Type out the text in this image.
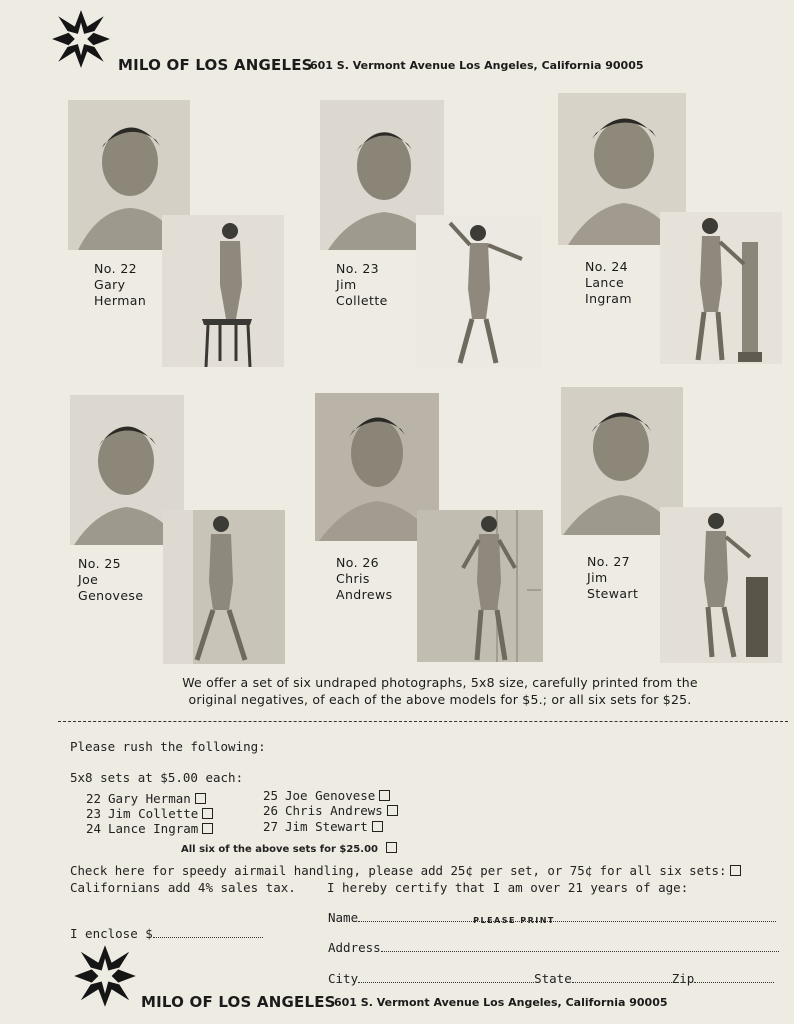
MILO OF LOS ANGELES
601 S. Vermont Avenue Los Angeles, California 90005
No. 22
Gary
Herman
No. 23
Jim
Collette
No. 24
Lance
Ingram
No. 25
Joe
Genovese
No. 26
Chris
Andrews
No. 27
Jim
Stewart
We offer a set of six undraped photographs, 5x8 size, carefully printed from the
original negatives, of each of the above models for $5.; or all six sets for $25.
Please rush the following:
5x8 sets at $5.00 each:
22 Gary Herman
23 Jim Collette
24 Lance Ingram
25 Joe Genovese
26 Chris Andrews
27 Jim Stewart
All six of the above sets for $25.00
Check here for speedy airmail handling, please add 25¢ per set, or 75¢ for all six sets:
Californians add 4% sales tax. I hereby certify that I am over 21 years of age:
Name	PLEASE PRINT
I enclose $
Address
City	State	Zip
MILO OF LOS ANGELES
601 S. Vermont Avenue Los Angeles, California 90005
